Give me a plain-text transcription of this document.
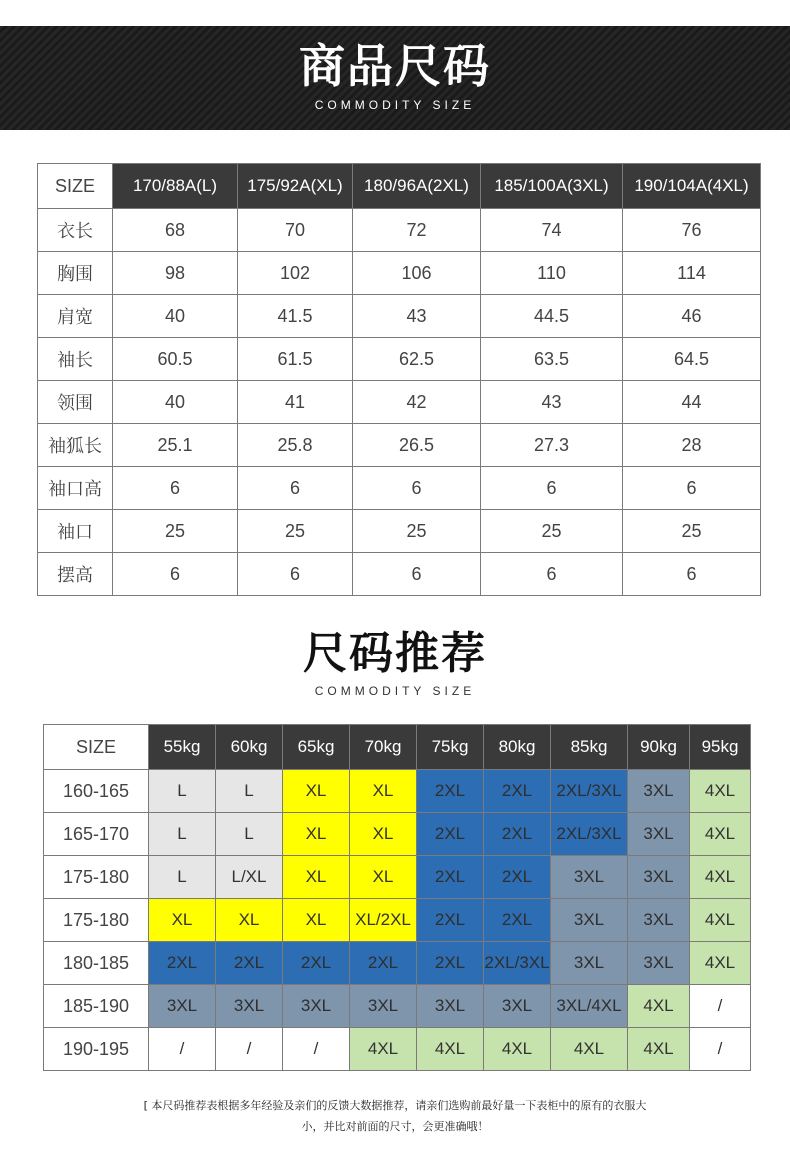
商品尺码
COMMODITY SIZE
SIZE	170/88A(L)	175/92A(XL)	180/96A(2XL)	185/100A(3XL)	190/104A(4XL)
衣长	68	70	72	74	76
胸围	98	102	106	110	114
肩宽	40	41.5	43	44.5	46
袖长	60.5	61.5	62.5	63.5	64.5
领围	40	41	42	43	44
袖狐长	25.1	25.8	26.5	27.3	28
袖口高	6	6	6	6	6
袖口	25	25	25	25	25
摆高	6	6	6	6	6
尺码推荐
COMMODITY SIZE
SIZE	55kg	60kg	65kg	70kg	75kg	80kg	85kg	90kg	95kg
160-165	L	L	XL	XL	2XL	2XL	2XL/3XL	3XL	4XL
165-170	L	L	XL	XL	2XL	2XL	2XL/3XL	3XL	4XL
175-180	L	L/XL	XL	XL	2XL	2XL	3XL	3XL	4XL
175-180	XL	XL	XL	XL/2XL	2XL	2XL	3XL	3XL	4XL
180-185	2XL	2XL	2XL	2XL	2XL	2XL/3XL	3XL	3XL	4XL
185-190	3XL	3XL	3XL	3XL	3XL	3XL	3XL/4XL	4XL	/
190-195	/	/	/	4XL	4XL	4XL	4XL	4XL	/
[ 本尺码推荐表根据多年经验及亲们的反馈大数据推荐，请亲们选购前最好量一下表柜中的原有的衣服大
小，并比对前面的尺寸，会更准确哦！
